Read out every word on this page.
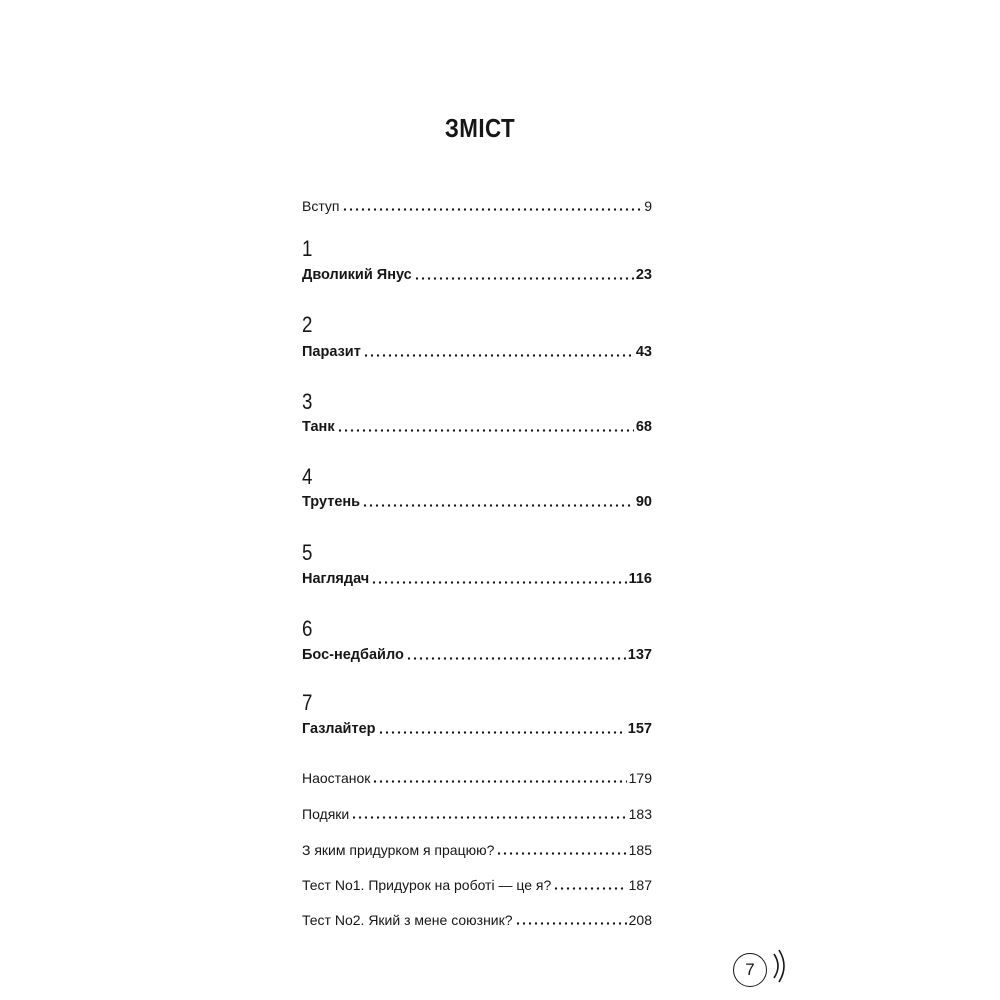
ЗМІСТ
Вступ	9
1
Дволикий Янус	23
2
Паразит	43
3
Танк	68
4
Трутень	90
5
Наглядач	116
6
Бос-недбайло	137
7
Газлайтер	157
Наостанок	179
Подяки	183
З яким придурком я працюю?	185
Тест No1. Придурок на роботі — це я?	187
Тест No2. Який з мене союзник?	208
7
